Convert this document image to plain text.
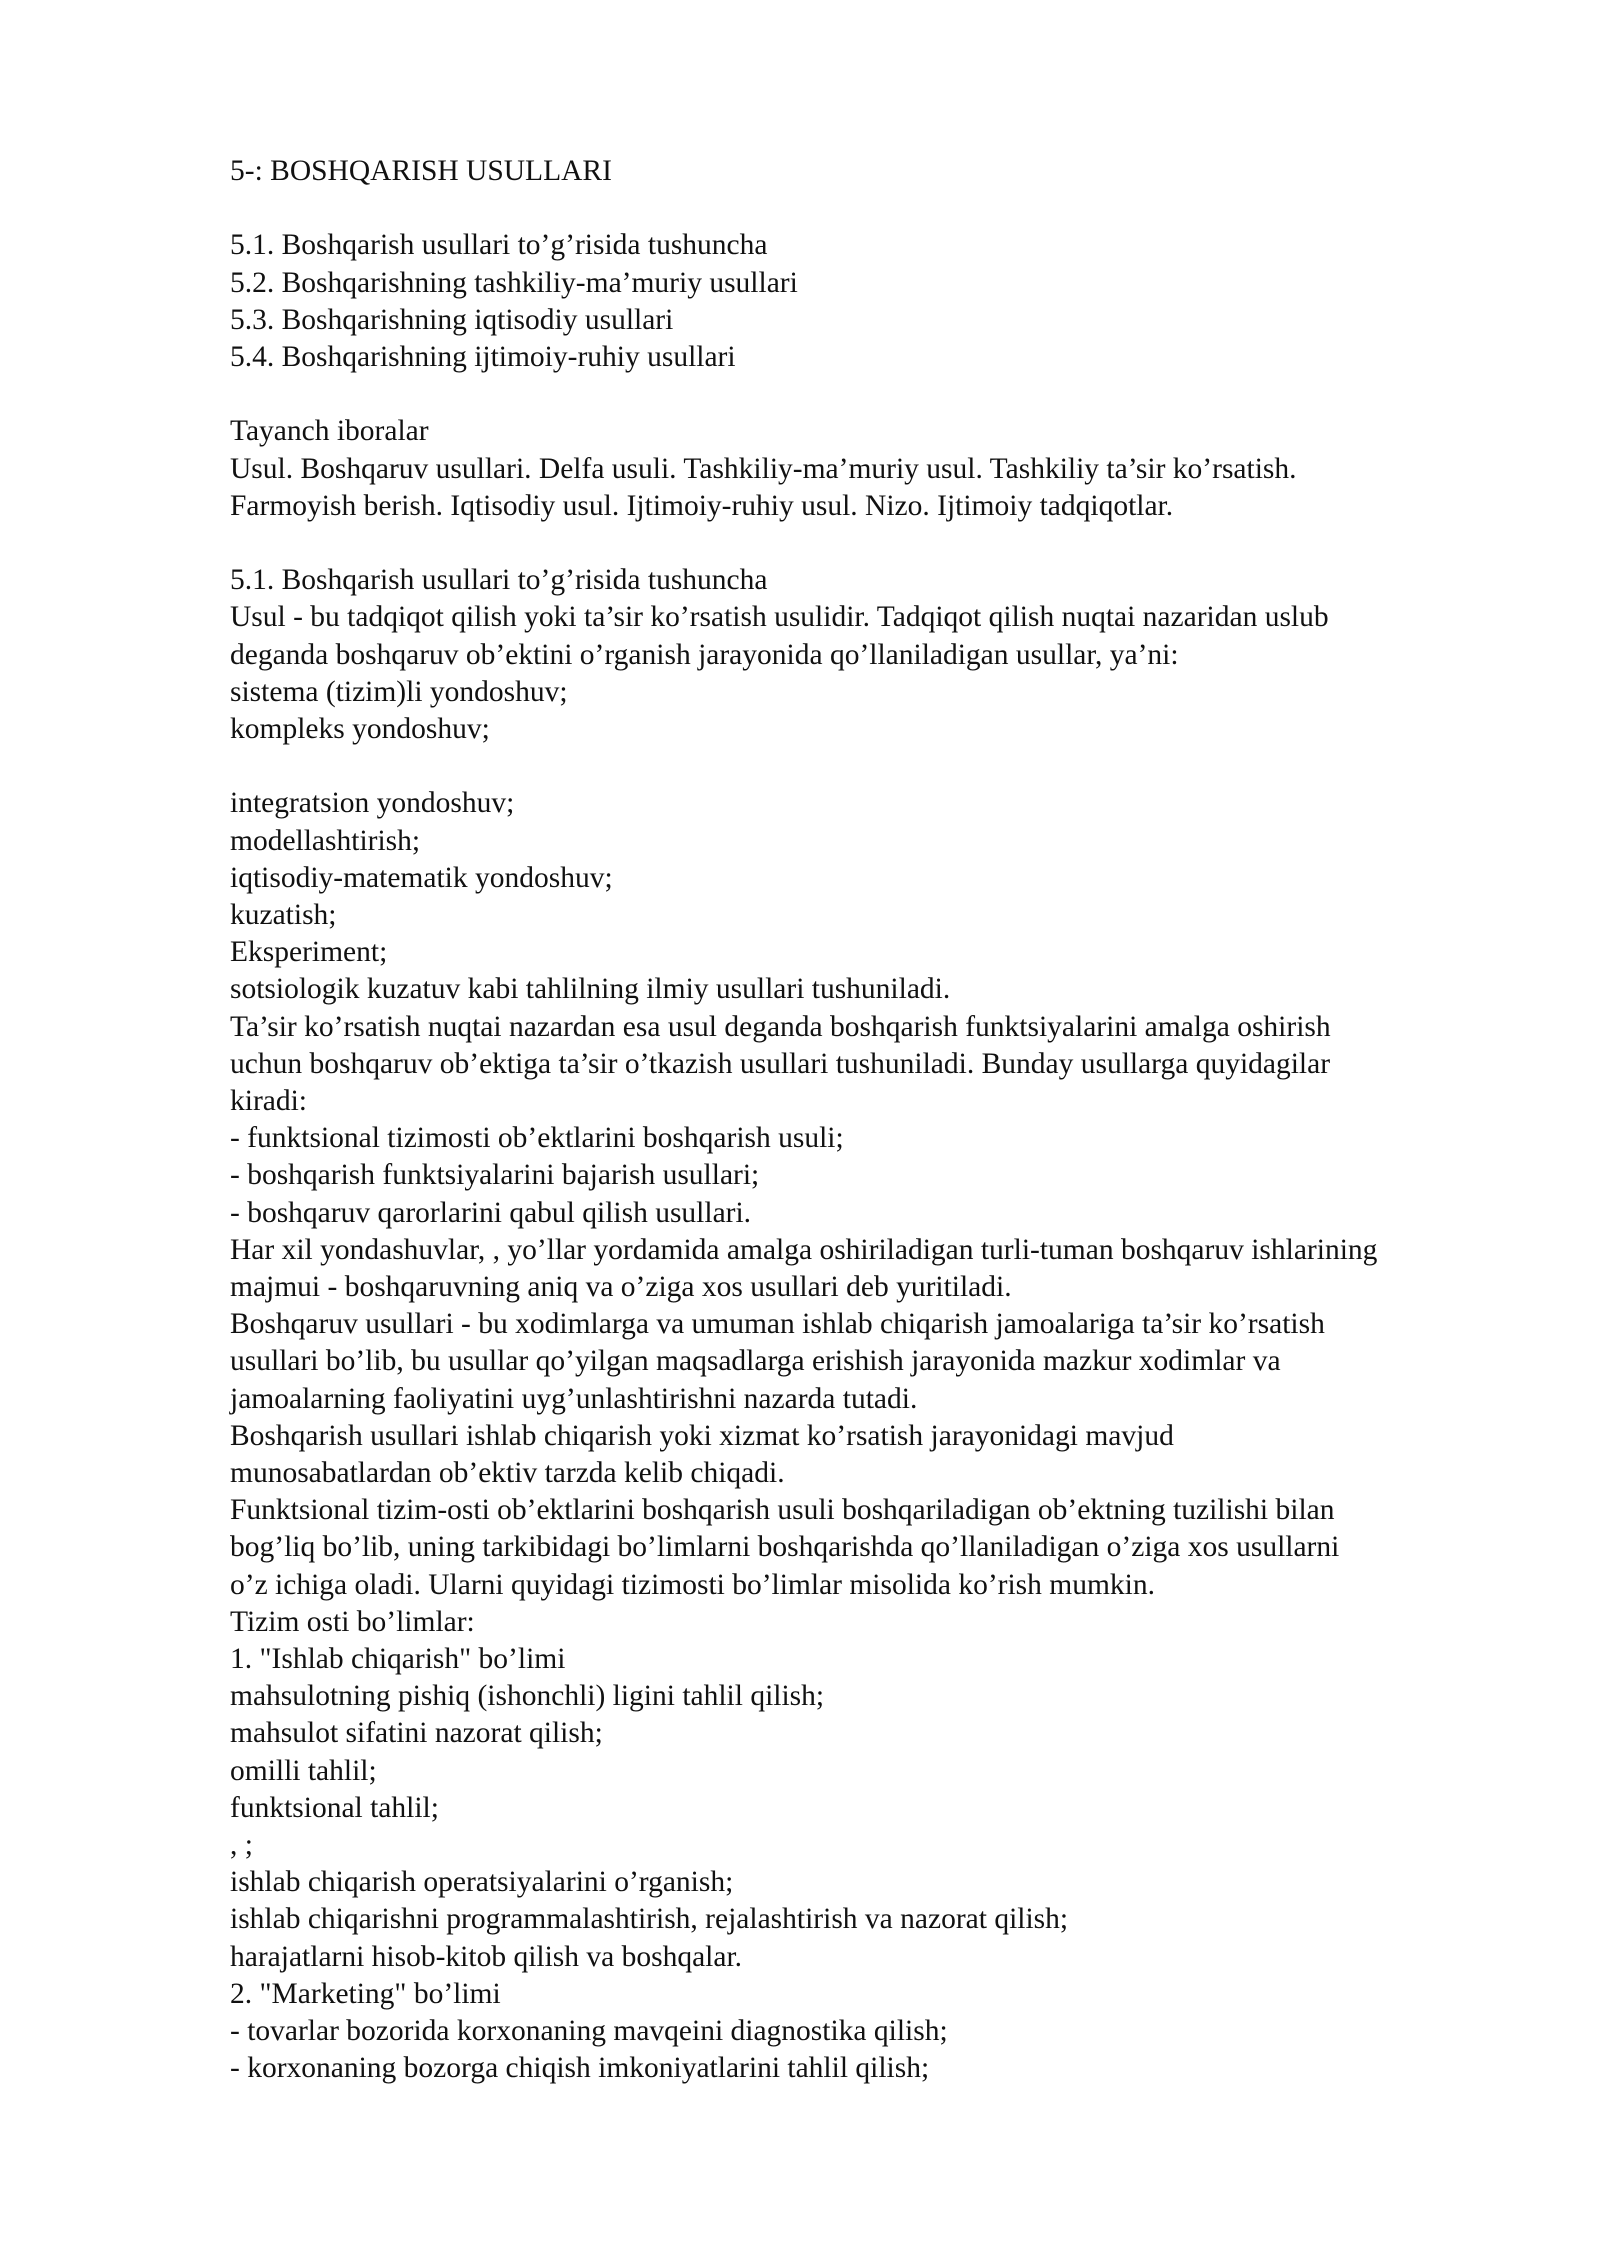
5-: BOSHQARISH USULLARI
5.1. Boshqarish usullari to’g’risida tushuncha
5.2. Boshqarishning tashkiliy-ma’muriy usullari
5.3. Boshqarishning iqtisodiy usullari
5.4. Boshqarishning ijtimoiy-ruhiy usullari
Tayanch iboralar
Usul. Boshqaruv usullari. Delfa usuli. Tashkiliy-ma’muriy usul. Tashkiliy ta’sir ko’rsatish.
Farmoyish berish. Iqtisodiy usul. Ijtimoiy-ruhiy usul. Nizo. Ijtimoiy tadqiqotlar.
5.1. Boshqarish usullari to’g’risida tushuncha
Usul - bu tadqiqot qilish yoki ta’sir ko’rsatish usulidir. Tadqiqot qilish nuqtai nazaridan uslub
deganda boshqaruv ob’ektini o’rganish jarayonida qo’llaniladigan usullar, ya’ni:
sistema (tizim)li yondoshuv;
kompleks yondoshuv;
integratsion yondoshuv;
modellashtirish;
iqtisodiy-matematik yondoshuv;
kuzatish;
Eksperiment;
sotsiologik kuzatuv kabi tahlilning ilmiy usullari tushuniladi.
Ta’sir ko’rsatish nuqtai nazardan esa usul deganda boshqarish funktsiyalarini amalga oshirish
uchun boshqaruv ob’ektiga ta’sir o’tkazish usullari tushuniladi. Bunday usullarga quyidagilar
kiradi:
- funktsional tizimosti ob’ektlarini boshqarish usuli;
- boshqarish funktsiyalarini bajarish usullari;
- boshqaruv qarorlarini qabul qilish usullari.
Har xil yondashuvlar, , yo’llar yordamida amalga oshiriladigan turli-tuman boshqaruv ishlarining
majmui - boshqaruvning aniq va o’ziga xos usullari deb yuritiladi.
Boshqaruv usullari - bu xodimlarga va umuman ishlab chiqarish jamoalariga ta’sir ko’rsatish
usullari bo’lib, bu usullar qo’yilgan maqsadlarga erishish jarayonida mazkur xodimlar va
jamoalarning faoliyatini uyg’unlashtirishni nazarda tutadi.
Boshqarish usullari ishlab chiqarish yoki xizmat ko’rsatish jarayonidagi mavjud
munosabatlardan ob’ektiv tarzda kelib chiqadi.
Funktsional tizim-osti ob’ektlarini boshqarish usuli boshqariladigan ob’ektning tuzilishi bilan
bog’liq bo’lib, uning tarkibidagi bo’limlarni boshqarishda qo’llaniladigan o’ziga xos usullarni
o’z ichiga oladi. Ularni quyidagi tizimosti bo’limlar misolida ko’rish mumkin.
Tizim osti bo’limlar:
1. "Ishlab chiqarish" bo’limi
mahsulotning pishiq (ishonchli) ligini tahlil qilish;
mahsulot sifatini nazorat qilish;
omilli tahlil;
funktsional tahlil;
, ;
ishlab chiqarish operatsiyalarini o’rganish;
ishlab chiqarishni programmalashtirish, rejalashtirish va nazorat qilish;
harajatlarni hisob-kitob qilish va boshqalar.
2. "Marketing" bo’limi
- tovarlar bozorida korxonaning mavqeini diagnostika qilish;
- korxonaning bozorga chiqish imkoniyatlarini tahlil qilish;
